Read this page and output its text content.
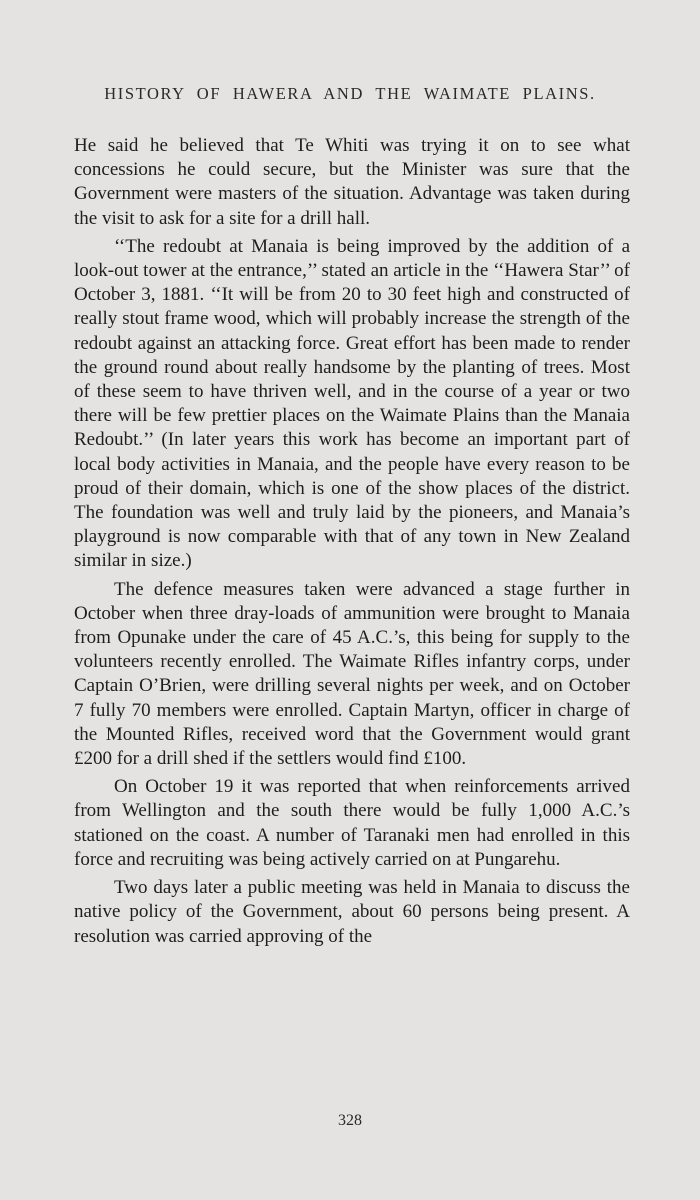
HISTORY OF HAWERA AND THE WAIMATE PLAINS.

He said he believed that Te Whiti was trying it on to see what concessions he could secure, but the Minister was sure that the Government were masters of the situation. Advantage was taken during the visit to ask for a site for a drill hall.

‘‘The redoubt at Manaia is being improved by the addition of a look-out tower at the entrance,’’ stated an article in the ‘‘Hawera Star’’ of October 3, 1881. ‘‘It will be from 20 to 30 feet high and constructed of really stout frame wood, which will probably increase the strength of the redoubt against an attacking force. Great effort has been made to render the ground round about really handsome by the planting of trees. Most of these seem to have thriven well, and in the course of a year or two there will be few prettier places on the Waimate Plains than the Manaia Redoubt.’’ (In later years this work has become an important part of local body activities in Manaia, and the people have every reason to be proud of their domain, which is one of the show places of the district. The foundation was well and truly laid by the pioneers, and Manaia’s playground is now comparable with that of any town in New Zealand similar in size.)

The defence measures taken were advanced a stage further in October when three dray-loads of ammunition were brought to Manaia from Opunake under the care of 45 A.C.’s, this being for supply to the volunteers recently enrolled. The Waimate Rifles infantry corps, under Captain O’Brien, were drilling several nights per week, and on October 7 fully 70 members were enrolled. Captain Martyn, officer in charge of the Mounted Rifles, received word that the Government would grant £200 for a drill shed if the settlers would find £100.

On October 19 it was reported that when reinforcements arrived from Wellington and the south there would be fully 1,000 A.C.’s stationed on the coast. A number of Taranaki men had enrolled in this force and recruiting was being actively carried on at Pungarehu.

Two days later a public meeting was held in Manaia to discuss the native policy of the Government, about 60 persons being present. A resolution was carried approving of the

328
